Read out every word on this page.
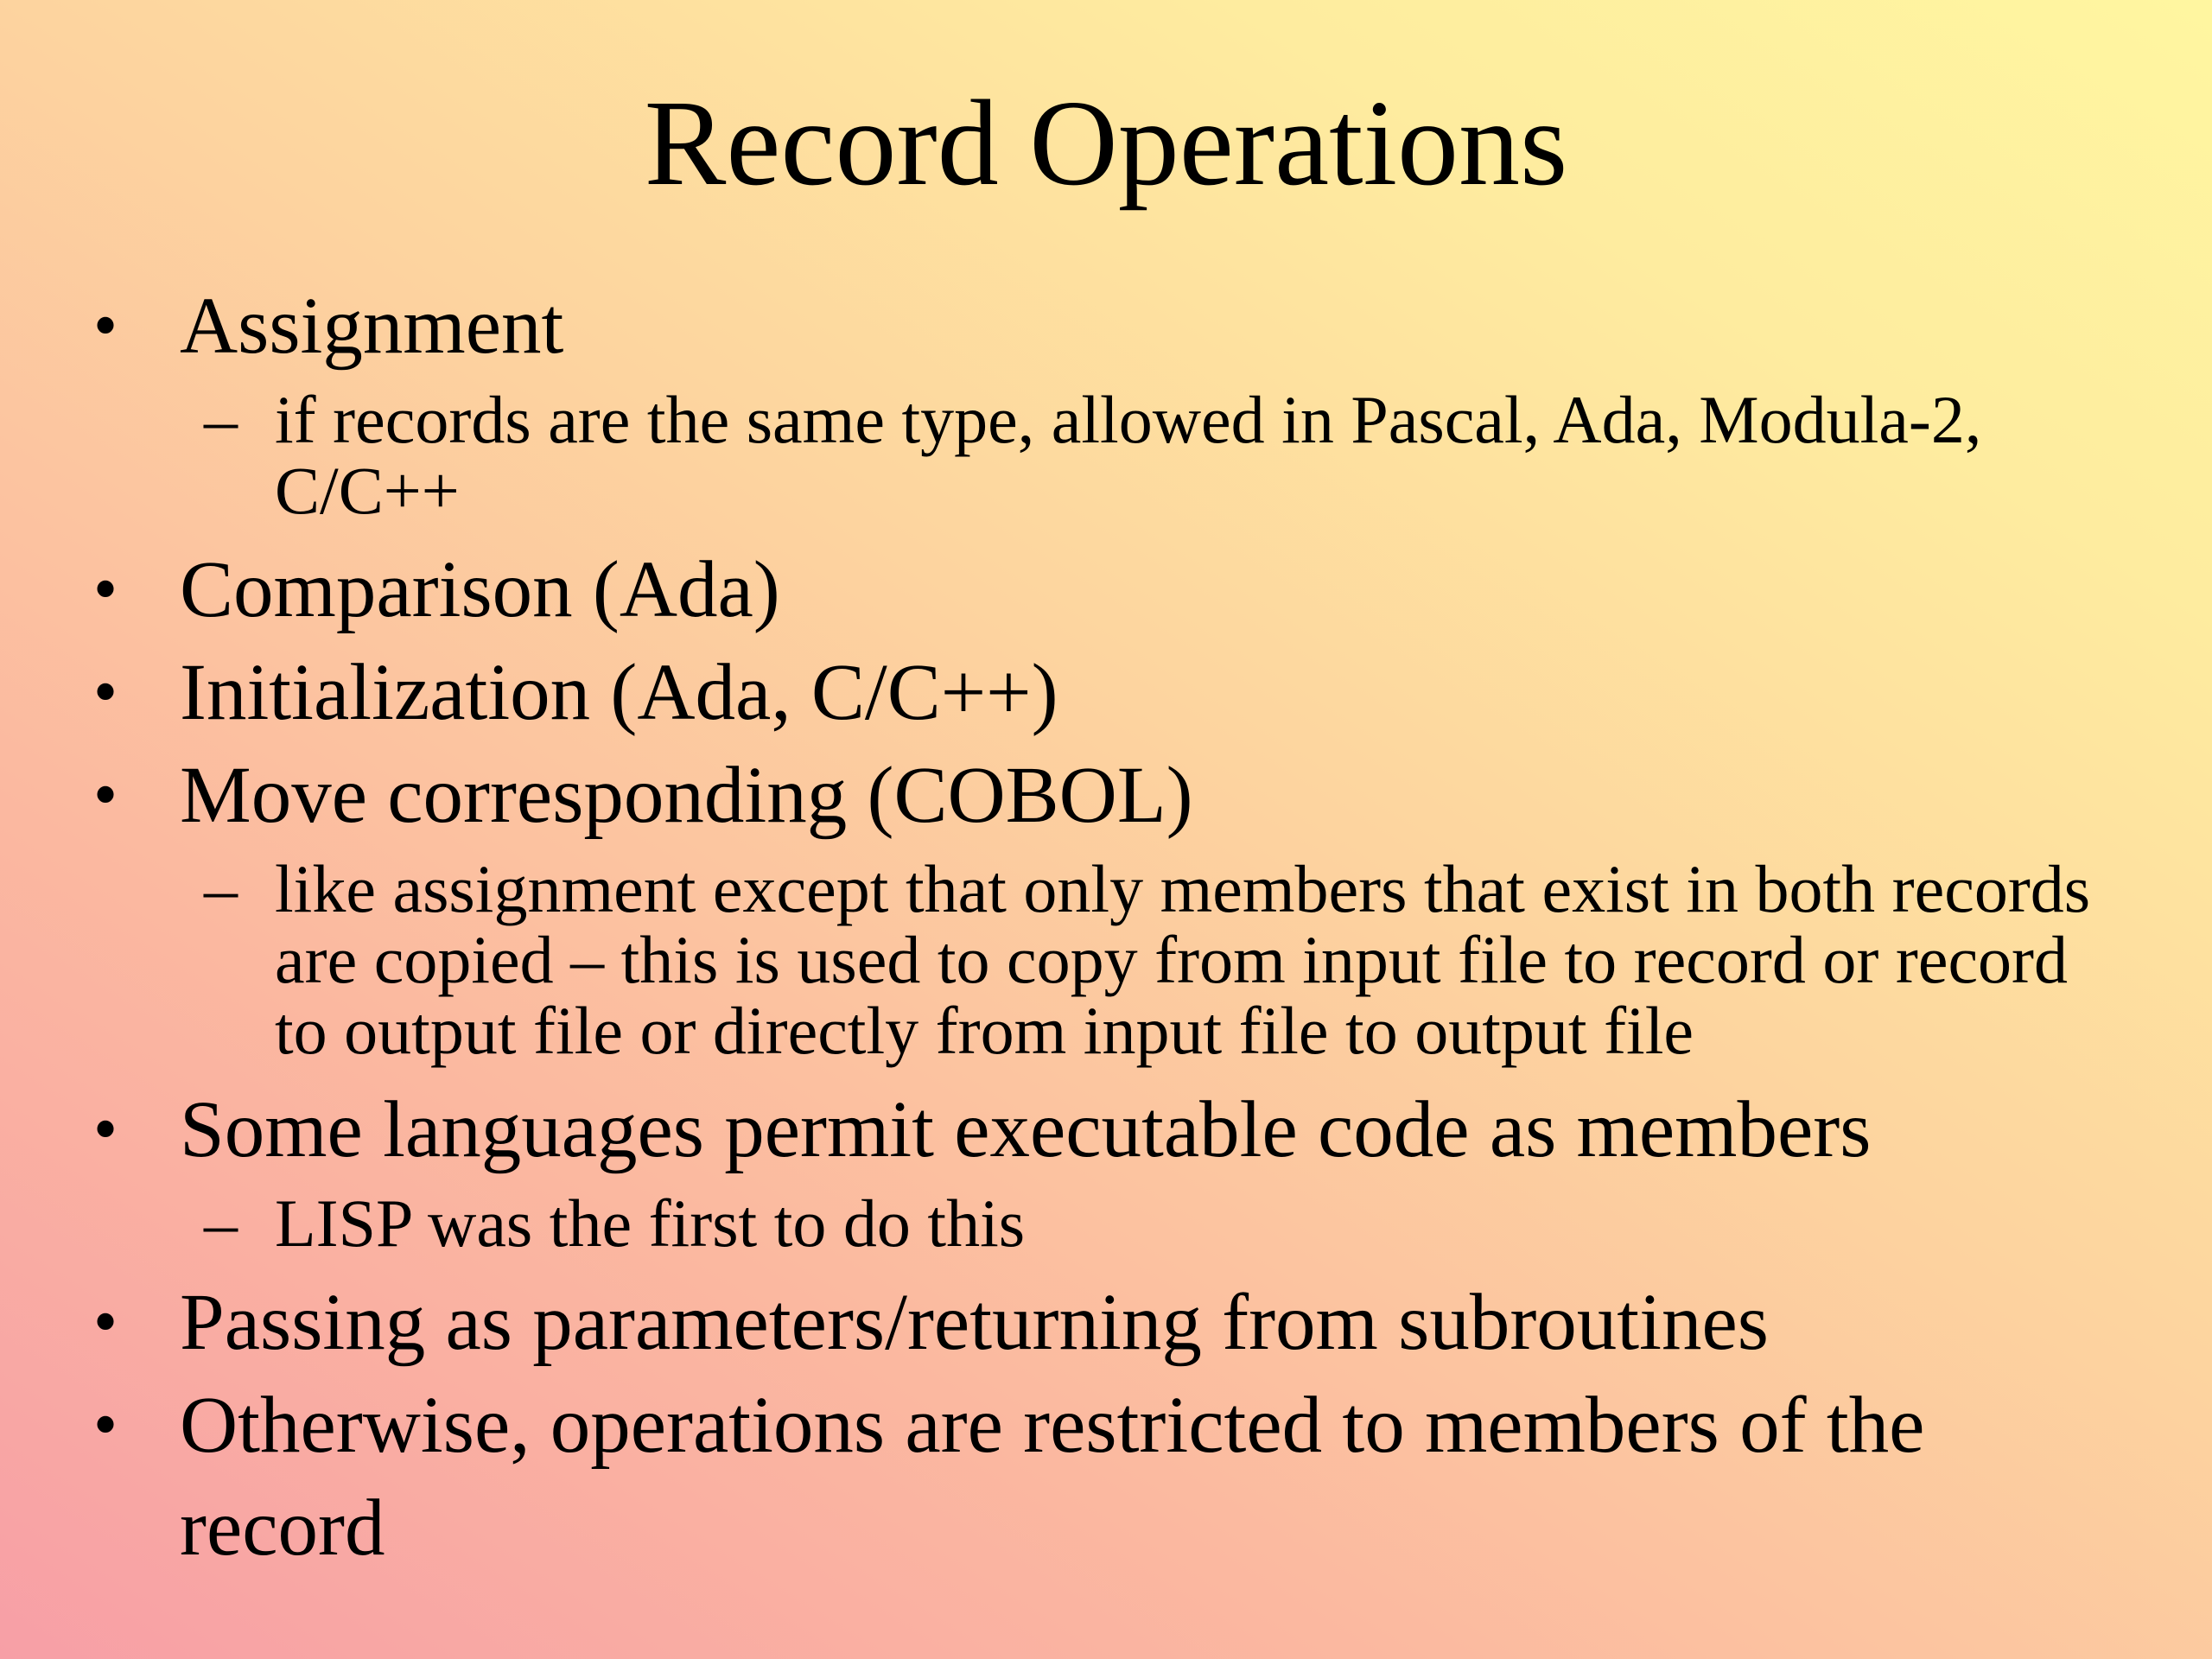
Record Operations
• Assignment
– if records are the same type, allowed in Pascal, Ada, Modula-2, C/C++
• Comparison (Ada)
• Initialization (Ada, C/C++)
• Move corresponding (COBOL)
– like assignment except that only members that exist in both records are copied – this is used to copy from input file to record or record to output file or directly from input file to output file
• Some languages permit executable code as members
– LISP was the first to do this
• Passing as parameters/returning from subroutines
• Otherwise, operations are restricted to members of the record
